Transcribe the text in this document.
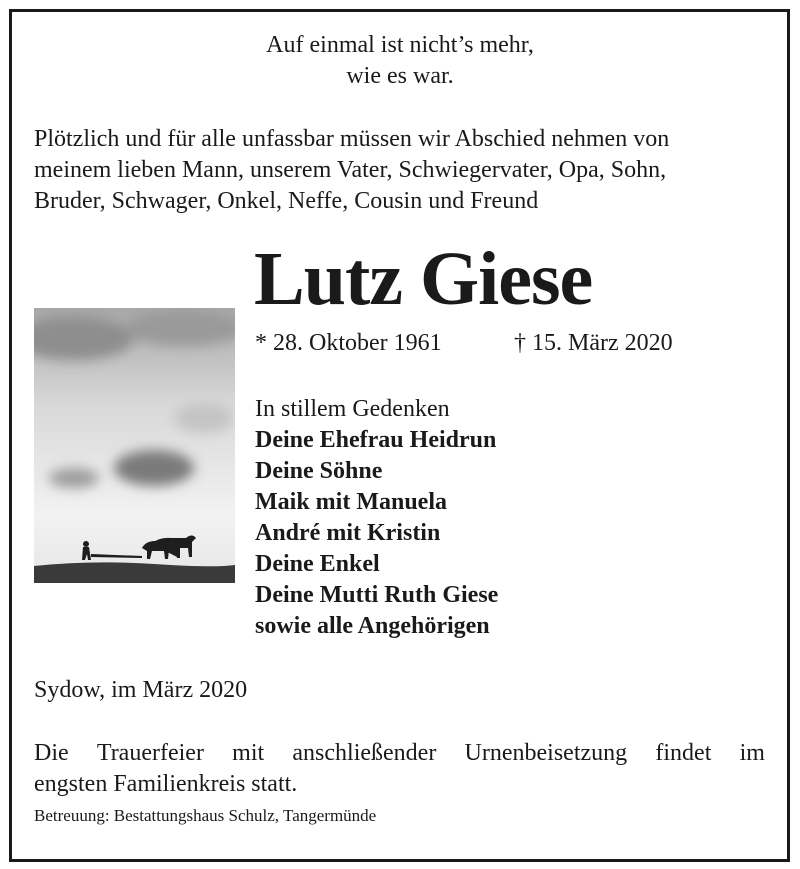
Auf einmal ist nicht’s mehr,
wie es war.
Plötzlich und für alle unfassbar müssen wir Abschied nehmen von
meinem lieben Mann, unserem Vater, Schwiegervater, Opa, Sohn,
Bruder, Schwager, Onkel, Neffe, Cousin und Freund
Lutz Giese
* 28. Oktober 1961	† 15. März 2020
In stillem Gedenken
Deine Ehefrau Heidrun
Deine Söhne
Maik mit Manuela
André mit Kristin
Deine Enkel
Deine Mutti Ruth Giese
sowie alle Angehörigen
Sydow, im März 2020
Die Trauerfeier mit anschließender Urnenbeisetzung findet im
engsten Familienkreis statt.
Betreuung: Bestattungshaus Schulz, Tangermünde
